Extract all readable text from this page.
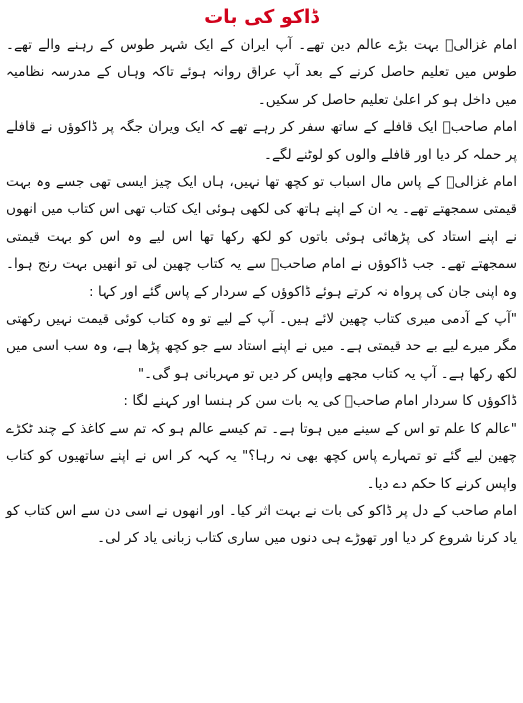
ڈاکو کی بات

امام غزالیؒ بہت بڑے عالم دین تھے۔ آپ ایران کے ایک شہر طوس کے رہنے والے تھے۔ طوس میں تعلیم حاصل کرنے کے بعد آپ عراق روانہ ہوئے تاکہ وہاں کے مدرسہ نظامیہ میں داخل ہو کر اعلیٰ تعلیم حاصل کر سکیں۔

امام صاحبؒ ایک قافلے کے ساتھ سفر کر رہے تھے کہ ایک ویران جگہ پر ڈاکوؤں نے قافلے پر حملہ کر دیا اور قافلے والوں کو لوٹنے لگے۔

امام غزالیؒ کے پاس مال اسباب تو کچھ تھا نہیں، ہاں ایک چیز ایسی تھی جسے وہ بہت قیمتی سمجھتے تھے۔ یہ ان کے اپنے ہاتھ کی لکھی ہوئی ایک کتاب تھی اس کتاب میں انھوں نے اپنے استاد کی پڑھائی ہوئی باتوں کو لکھ رکھا تھا اس لیے وہ اس کو بہت قیمتی سمجھتے تھے۔ جب ڈاکوؤں نے امام صاحبؒ سے یہ کتاب چھین لی تو انھیں بہت رنج ہوا۔ وہ اپنی جان کی پرواہ نہ کرتے ہوئے ڈاکوؤں کے سردار کے پاس گئے اور کہا :

"آپ کے آدمی میری کتاب چھین لائے ہیں۔ آپ کے لیے تو وہ کتاب کوئی قیمت نہیں رکھتی مگر میرے لیے بے حد قیمتی ہے۔ میں نے اپنے استاد سے جو کچھ پڑھا ہے، وہ سب اسی میں لکھ رکھا ہے۔ آپ یہ کتاب مجھے واپس کر دیں تو مہربانی ہو گی۔"

ڈاکوؤں کا سردار امام صاحبؒ کی یہ بات سن کر ہنسا اور کہنے لگا :

"عالم کا علم تو اس کے سینے میں ہوتا ہے۔ تم کیسے عالم ہو کہ تم سے کاغذ کے چند ٹکڑے چھین لیے گئے تو تمہارے پاس کچھ بھی نہ رہا؟" یہ کہہ کر اس نے اپنے ساتھیوں کو کتاب واپس کرنے کا حکم دے دیا۔

امام صاحب کے دل پر ڈاکو کی بات نے بہت اثر کیا۔ اور انھوں نے اسی دن سے اس کتاب کو یاد کرنا شروع کر دیا اور تھوڑے ہی دنوں میں ساری کتاب زبانی یاد کر لی۔
